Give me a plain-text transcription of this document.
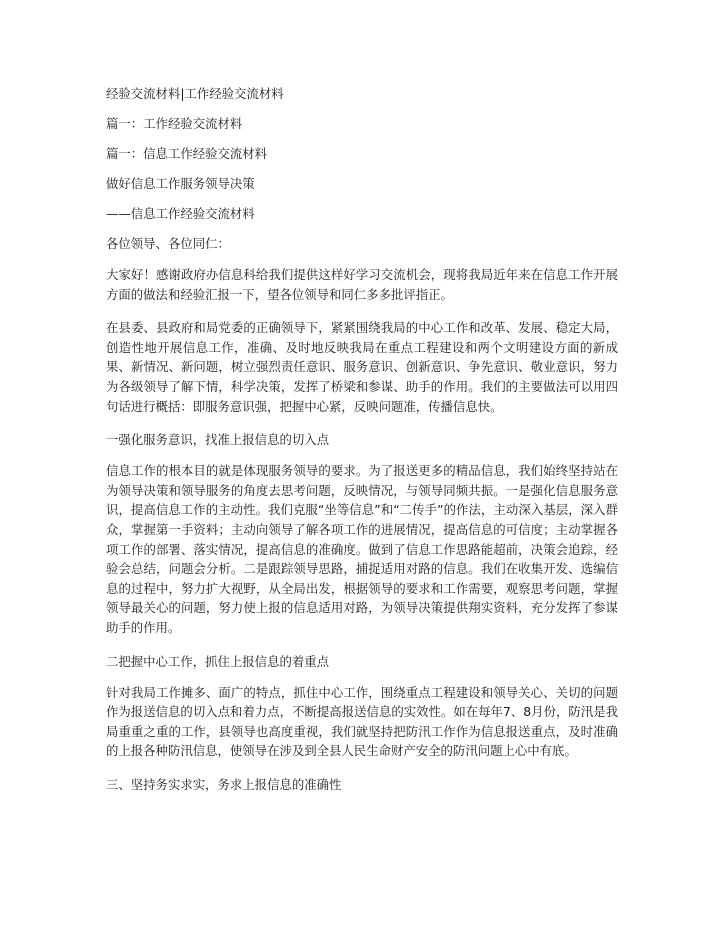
经验交流材料|工作经验交流材料

篇一：工作经验交流材料

篇一：信息工作经验交流材料

做好信息工作服务领导决策

——信息工作经验交流材料

各位领导、各位同仁：

大家好！感谢政府办信息科给我们提供这样好学习交流机会，现将我局近年来在信息工作开展方面的做法和经验汇报一下，望各位领导和同仁多多批评指正。

在县委、县政府和局党委的正确领导下，紧紧围绕我局的中心工作和改革、发展、稳定大局，创造性地开展信息工作，准确、及时地反映我局在重点工程建设和两个文明建设方面的新成果、新情况、新问题，树立强烈责任意识、服务意识、创新意识、争先意识、敬业意识，努力为各级领导了解下情，科学决策，发挥了桥梁和参谋、助手的作用。我们的主要做法可以用四句话进行概括：即服务意识强，把握中心紧，反映问题准，传播信息快。

一强化服务意识，找准上报信息的切入点

信息工作的根本目的就是体现服务领导的要求。为了报送更多的精品信息，我们始终坚持站在为领导决策和领导服务的角度去思考问题，反映情况，与领导同频共振。一是强化信息服务意识，提高信息工作的主动性。我们克服“坐等信息”和“二传手”的作法，主动深入基层，深入群众，掌握第一手资料；主动向领导了解各项工作的进展情况，提高信息的可信度；主动掌握各项工作的部署、落实情况，提高信息的准确度。做到了信息工作思路能超前，决策会追踪，经验会总结，问题会分析。二是跟踪领导思路，捕捉适用对路的信息。我们在收集开发、选编信息的过程中，努力扩大视野，从全局出发，根据领导的要求和工作需要，观察思考问题，掌握领导最关心的问题，努力使上报的信息适用对路，为领导决策提供翔实资料，充分发挥了参谋助手的作用。

二把握中心工作，抓住上报信息的着重点

针对我局工作摊多、面广的特点，抓住中心工作，围绕重点工程建设和领导关心、关切的问题作为报送信息的切入点和着力点，不断提高报送信息的实效性。如在每年7、8月份，防汛是我局重重之重的工作，县领导也高度重视，我们就坚持把防汛工作作为信息报送重点，及时准确的上报各种防汛信息，使领导在涉及到全县人民生命财产安全的防汛问题上心中有底。

三、坚持务实求实，务求上报信息的准确性
